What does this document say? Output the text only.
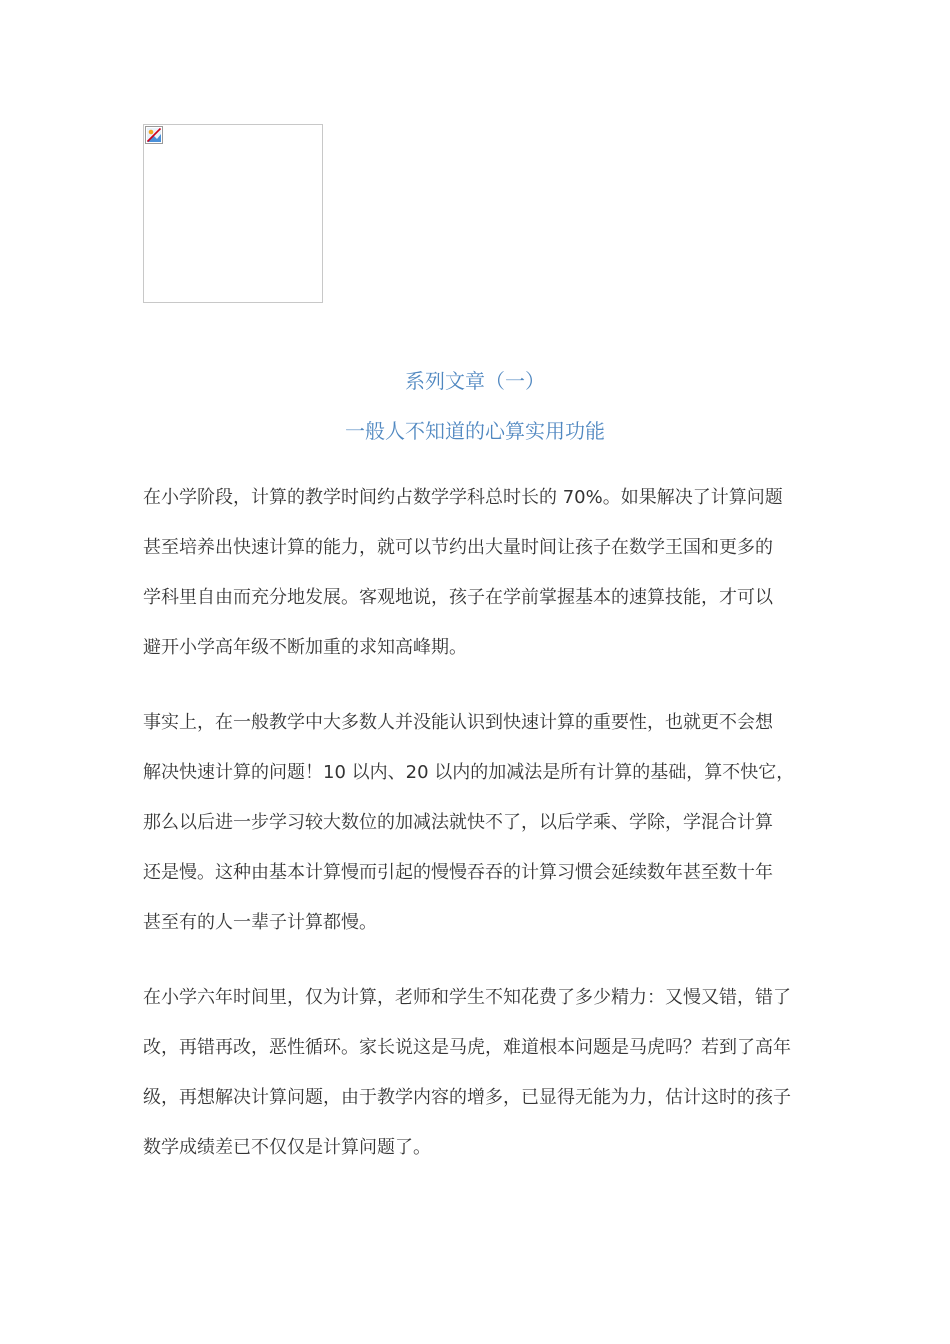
系列文章（一）
一般人不知道的心算实用功能
在小学阶段，计算的教学时间约占数学学科总时长的 70%。如果解决了计算问题
甚至培养出快速计算的能力，就可以节约出大量时间让孩子在数学王国和更多的
学科里自由而充分地发展。客观地说，孩子在学前掌握基本的速算技能，才可以
避开小学高年级不断加重的求知高峰期。
事实上，在一般教学中大多数人并没能认识到快速计算的重要性，也就更不会想
解决快速计算的问题！10 以内、20 以内的加减法是所有计算的基础，算不快它，
那么以后进一步学习较大数位的加减法就快不了，以后学乘、学除，学混合计算
还是慢。这种由基本计算慢而引起的慢慢吞吞的计算习惯会延续数年甚至数十年
甚至有的人一辈子计算都慢。
在小学六年时间里，仅为计算，老师和学生不知花费了多少精力：又慢又错，错了
改，再错再改，恶性循环。家长说这是马虎，难道根本问题是马虎吗？若到了高年
级，再想解决计算问题，由于教学内容的增多，已显得无能为力，估计这时的孩子
数学成绩差已不仅仅是计算问题了。
